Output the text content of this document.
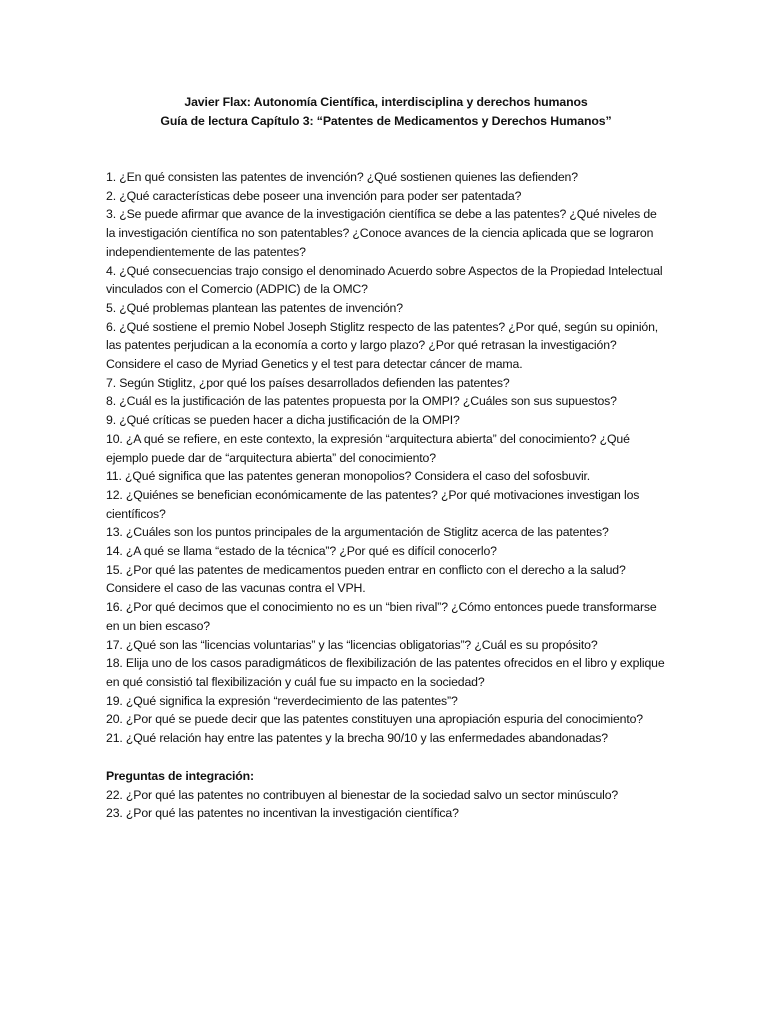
Javier Flax: Autonomía Científica, interdisciplina y derechos humanos
Guía de lectura Capítulo 3: “Patentes de Medicamentos y Derechos Humanos”
1. ¿En qué consisten las patentes de invención? ¿Qué sostienen quienes las defienden?
2. ¿Qué características debe poseer una invención para poder ser patentada?
3. ¿Se puede afirmar que avance de la investigación científica se debe a las patentes? ¿Qué niveles de la investigación científica no son patentables? ¿Conoce avances de la ciencia aplicada que se lograron independientemente de las patentes?
4. ¿Qué consecuencias trajo consigo el denominado Acuerdo sobre Aspectos de la Propiedad Intelectual vinculados con el Comercio (ADPIC) de la OMC?
5. ¿Qué problemas plantean las patentes de invención?
6. ¿Qué sostiene el premio Nobel Joseph Stiglitz respecto de las patentes? ¿Por qué, según su opinión, las patentes perjudican a la economía a corto y largo plazo? ¿Por qué retrasan la investigación? Considere el caso de Myriad Genetics y el test para detectar cáncer de mama.
7. Según Stiglitz, ¿por qué los países desarrollados defienden las patentes?
8. ¿Cuál es la justificación de las patentes propuesta por la OMPI? ¿Cuáles son sus supuestos?
9. ¿Qué críticas se pueden hacer a dicha justificación de la OMPI?
10. ¿A qué se refiere, en este contexto, la expresión “arquitectura abierta” del conocimiento? ¿Qué ejemplo puede dar de “arquitectura abierta” del conocimiento?
11. ¿Qué significa que las patentes generan monopolios? Considera el caso del sofosbuvir.
12. ¿Quiénes se benefician económicamente de las patentes? ¿Por qué motivaciones investigan los científicos?
13. ¿Cuáles son los puntos principales de la argumentación de Stiglitz acerca de las patentes?
14. ¿A qué se llama “estado de la técnica”? ¿Por qué es difícil conocerlo?
15. ¿Por qué las patentes de medicamentos pueden entrar en conflicto con el derecho a la salud? Considere el caso de las vacunas contra el VPH.
16. ¿Por qué decimos que el conocimiento no es un “bien rival”? ¿Cómo entonces puede transformarse en un bien escaso?
17. ¿Qué son las “licencias voluntarias” y las “licencias obligatorias”? ¿Cuál es su propósito?
18. Elija uno de los casos paradigmáticos de flexibilización de las patentes ofrecidos en el libro y explique en qué consistió tal flexibilización y cuál fue su impacto en la sociedad?
19. ¿Qué significa la expresión “reverdecimiento de las patentes”?
20. ¿Por qué se puede decir que las patentes constituyen una apropiación espuria del conocimiento?
21. ¿Qué relación hay entre las patentes y la brecha 90/10 y las enfermedades abandonadas?
Preguntas de integración:
22. ¿Por qué las patentes no contribuyen al bienestar de la sociedad salvo un sector minúsculo?
23. ¿Por qué las patentes no incentivan la investigación científica?
